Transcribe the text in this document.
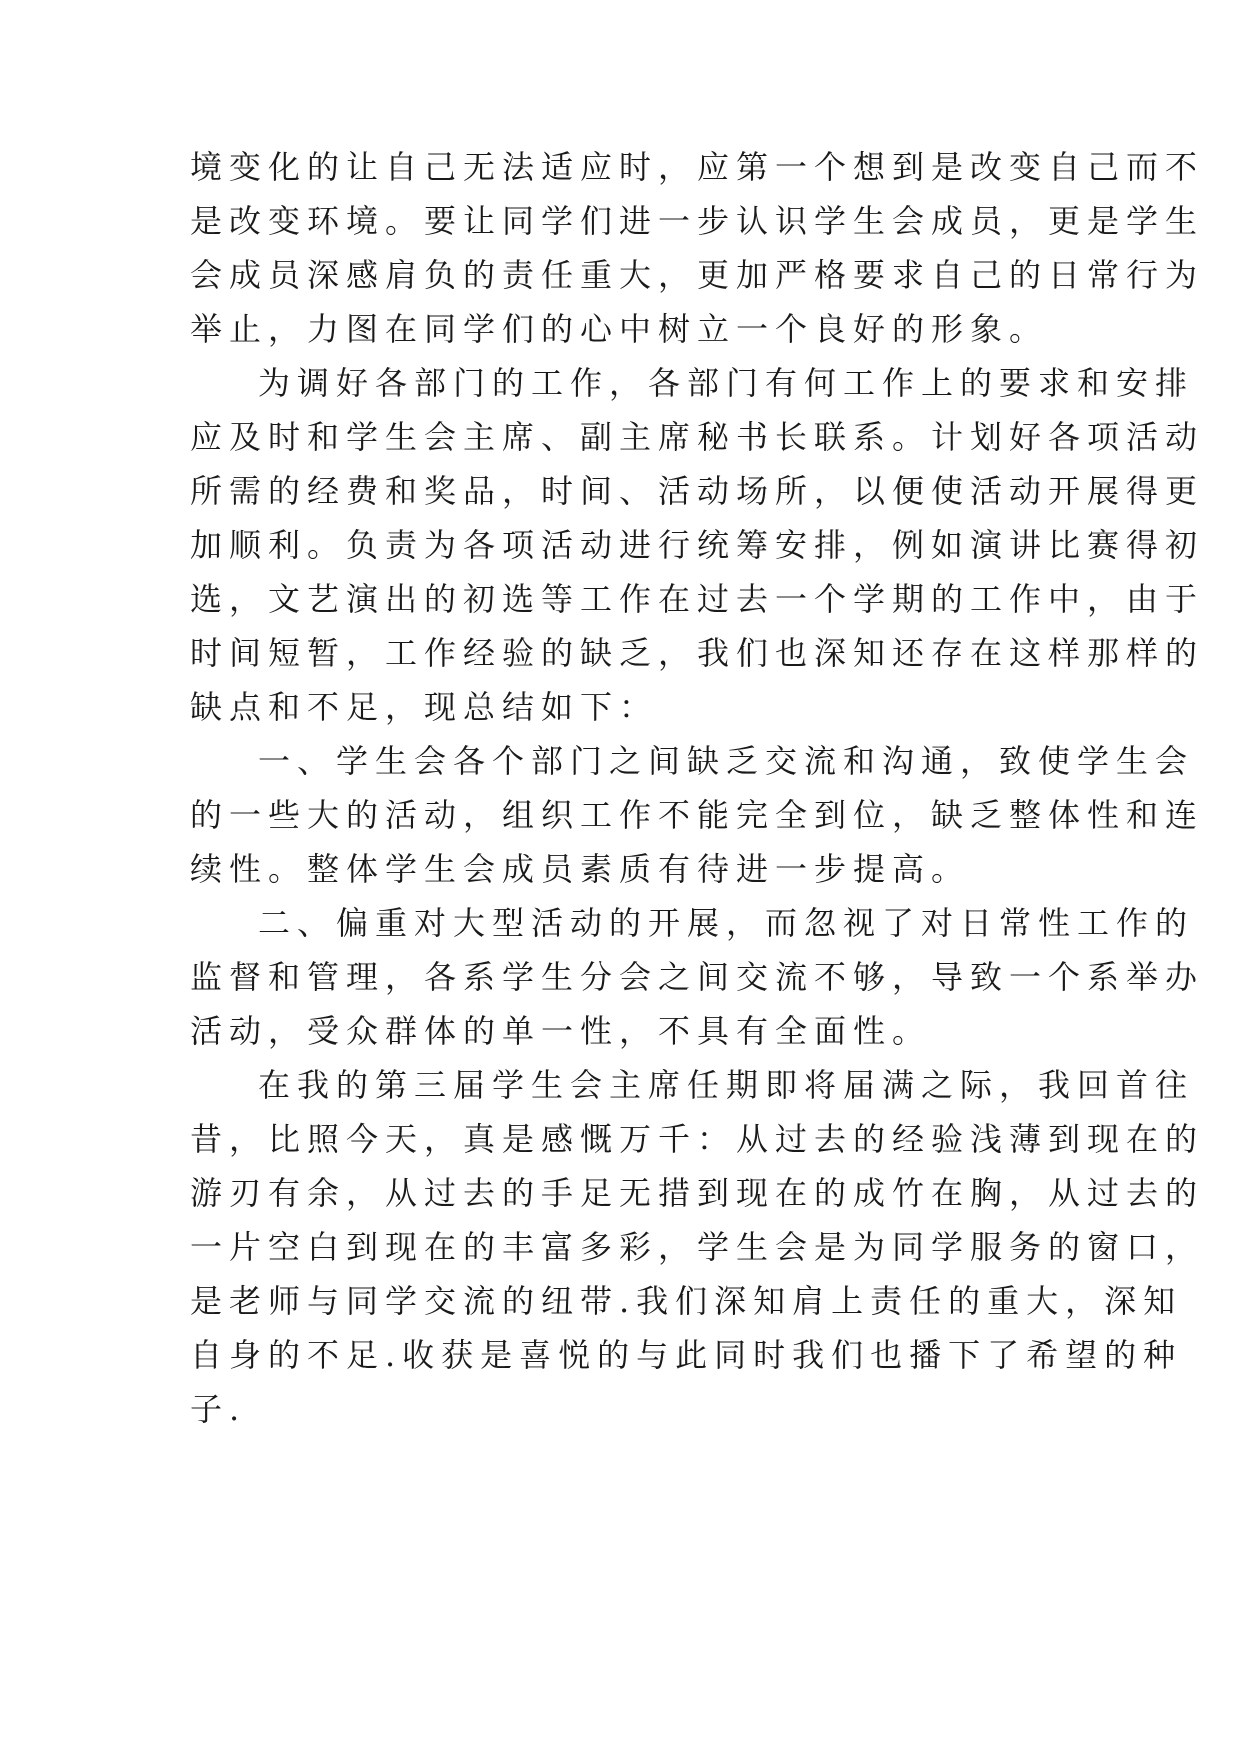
境变化的让自己无法适应时，应第一个想到是改变自己而不
是改变环境。要让同学们进一步认识学生会成员，更是学生
会成员深感肩负的责任重大，更加严格要求自己的日常行为
举止，力图在同学们的心中树立一个良好的形象。
为调好各部门的工作，各部门有何工作上的要求和安排
应及时和学生会主席、副主席秘书长联系。计划好各项活动
所需的经费和奖品，时间、活动场所，以便使活动开展得更
加顺利。负责为各项活动进行统筹安排，例如演讲比赛得初
选，文艺演出的初选等工作在过去一个学期的工作中，由于
时间短暂，工作经验的缺乏，我们也深知还存在这样那样的
缺点和不足，现总结如下：
一、学生会各个部门之间缺乏交流和沟通，致使学生会
的一些大的活动，组织工作不能完全到位，缺乏整体性和连
续性。整体学生会成员素质有待进一步提高。
二、偏重对大型活动的开展，而忽视了对日常性工作的
监督和管理，各系学生分会之间交流不够，导致一个系举办
活动，受众群体的单一性，不具有全面性。
在我的第三届学生会主席任期即将届满之际，我回首往
昔，比照今天，真是感慨万千：从过去的经验浅薄到现在的
游刃有余，从过去的手足无措到现在的成竹在胸，从过去的
一片空白到现在的丰富多彩，学生会是为同学服务的窗口，
是老师与同学交流的纽带.我们深知肩上责任的重大，深知
自身的不足.收获是喜悦的与此同时我们也播下了希望的种
子.
